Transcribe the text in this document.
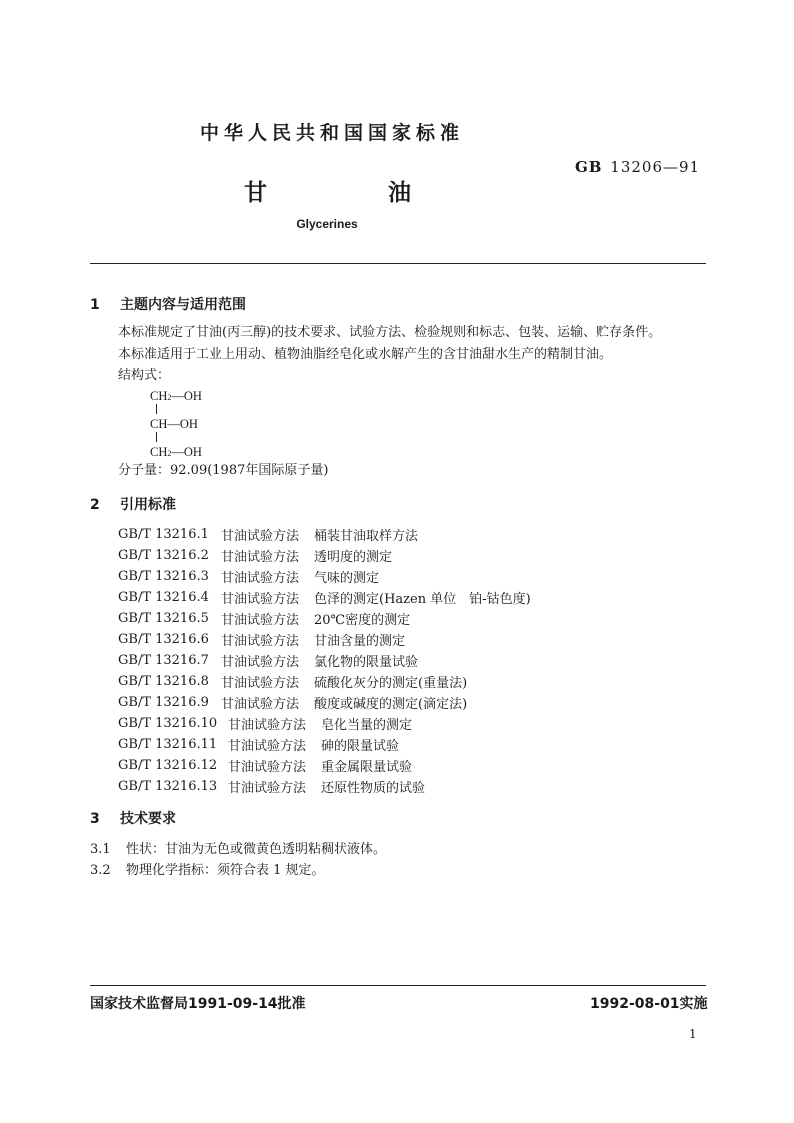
中华人民共和国国家标准
GB 13206—91
甘	油
Glycerines
1 主题内容与适用范围
本标准规定了甘油(丙三醇)的技术要求、试验方法、检验规则和标志、包装、运输、贮存条件。
本标准适用于工业上用动、植物油脂经皂化或水解产生的含甘油甜水生产的精制甘油。
结构式：
CH2—OH
CH—OH
CH2—OH
分子量：92.09(1987年国际原子量)
2 引用标准
GB/T 13216.1 甘油试验方法	桶装甘油取样方法
GB/T 13216.2 甘油试验方法	透明度的测定
GB/T 13216.3 甘油试验方法	气味的测定
GB/T 13216.4 甘油试验方法	色泽的测定(Hazen 单位　铂-钴色度)
GB/T 13216.5 甘油试验方法	20℃密度的测定
GB/T 13216.6 甘油试验方法	甘油含量的测定
GB/T 13216.7 甘油试验方法	氯化物的限量试验
GB/T 13216.8 甘油试验方法	硫酸化灰分的测定(重量法)
GB/T 13216.9 甘油试验方法	酸度或碱度的测定(滴定法)
GB/T 13216.10 甘油试验方法	皂化当量的测定
GB/T 13216.11 甘油试验方法	砷的限量试验
GB/T 13216.12 甘油试验方法	重金属限量试验
GB/T 13216.13 甘油试验方法	还原性物质的试验
3 技术要求
3.1 性状：甘油为无色或微黄色透明粘稠状液体。
3.2 物理化学指标：须符合表 1 规定。
国家技术监督局1991-09-14批准	1992-08-01实施
1
